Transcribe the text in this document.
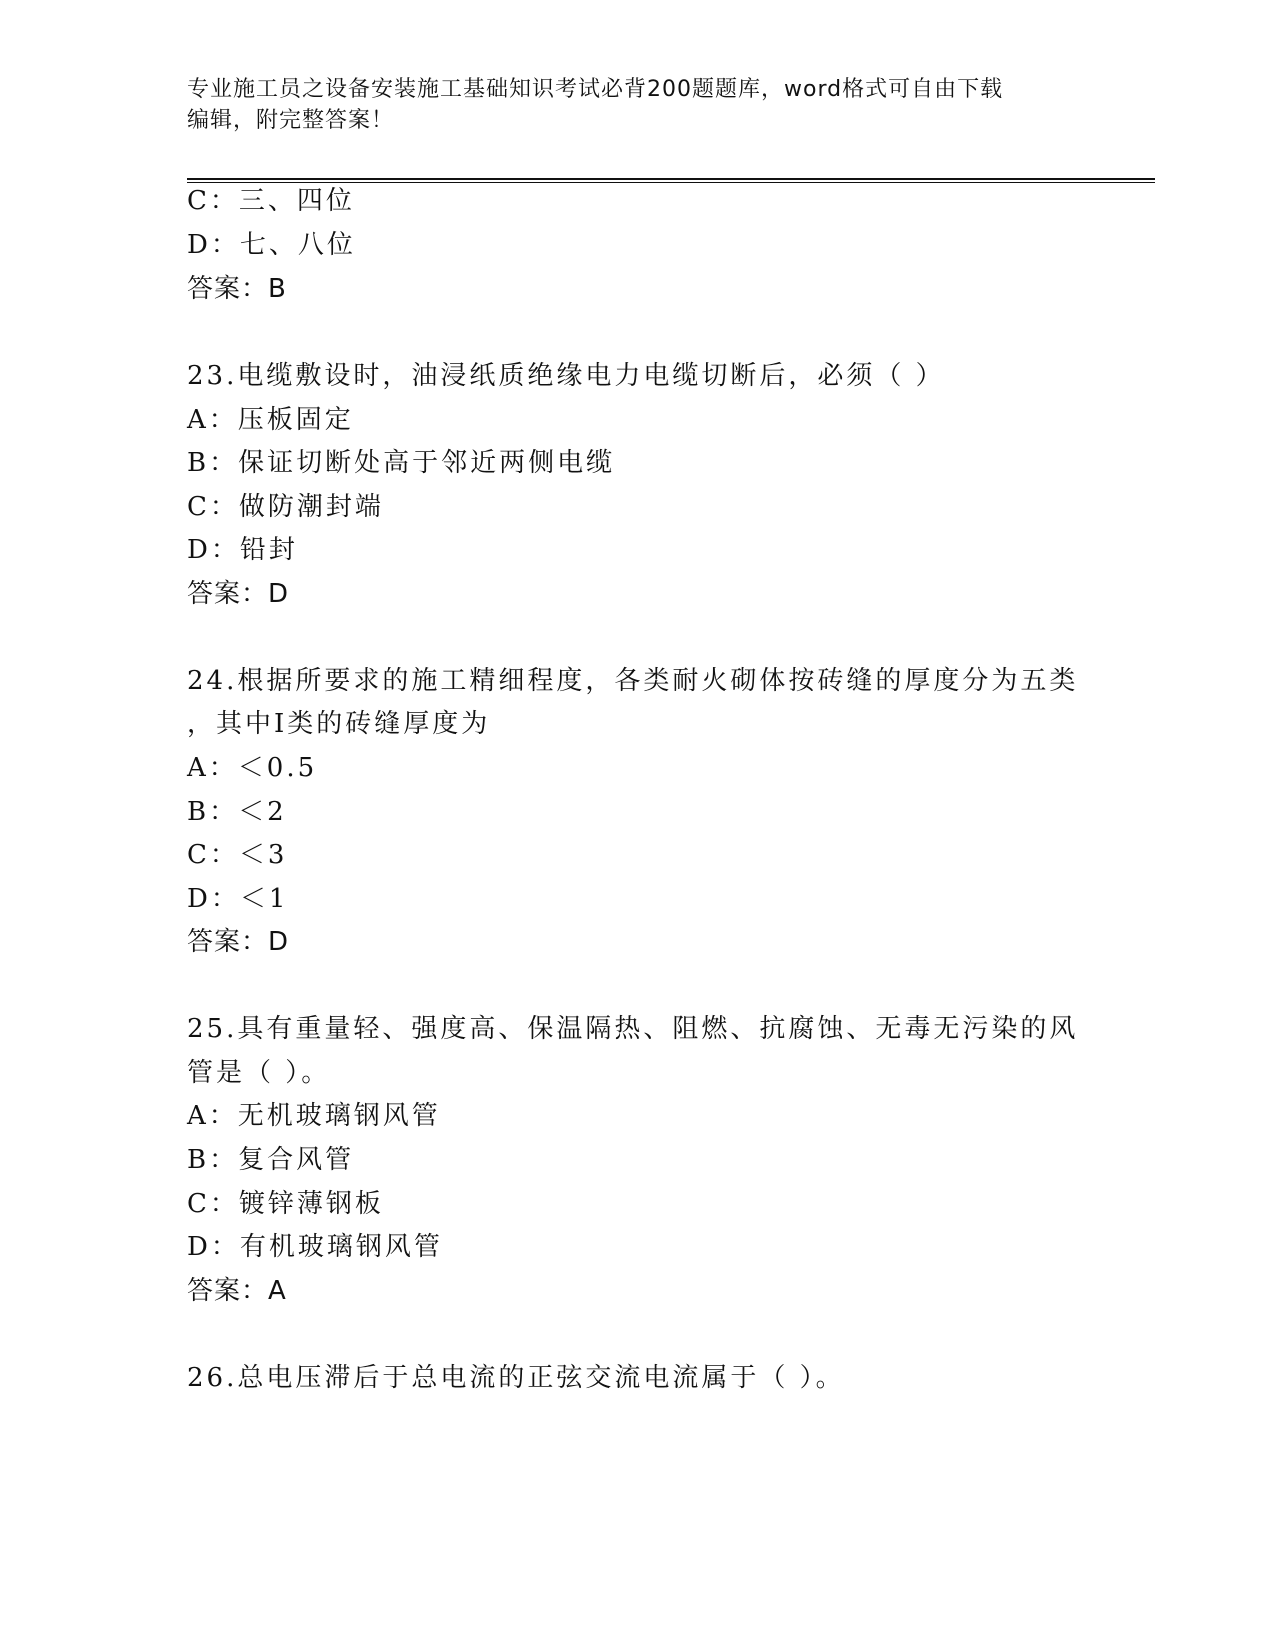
专业施工员之设备安装施工基础知识考试必背200题题库，word格式可自由下载
编辑，附完整答案！
C：三、四位
D：七、八位
答案：B
23.电缆敷设时，油浸纸质绝缘电力电缆切断后，必须（ ）
A：压板固定
B：保证切断处高于邻近两侧电缆
C：做防潮封端
D：铅封
答案：D
24.根据所要求的施工精细程度，各类耐火砌体按砖缝的厚度分为五类
，其中Ⅰ类的砖缝厚度为
A：＜0.5
B：＜2
C：＜3
D：＜1
答案：D
25.具有重量轻、强度高、保温隔热、阻燃、抗腐蚀、无毒无污染的风
管是（ ）。
A：无机玻璃钢风管
B：复合风管
C：镀锌薄钢板
D：有机玻璃钢风管
答案：A
26.总电压滞后于总电流的正弦交流电流属于（ ）。
